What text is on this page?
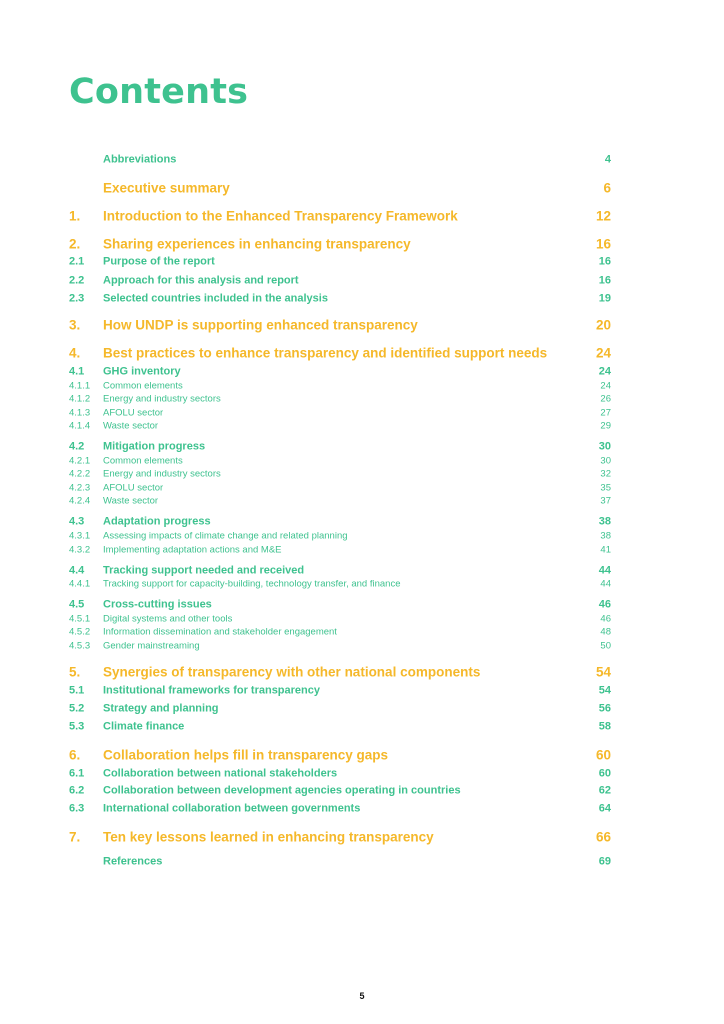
Contents
Abbreviations	4
Executive summary	6
1. Introduction to the Enhanced Transparency Framework	12
2. Sharing experiences in enhancing transparency	16
2.1 Purpose of the report	16
2.2 Approach for this analysis and report	16
2.3 Selected countries included in the analysis	19
3. How UNDP is supporting enhanced transparency	20
4. Best practices to enhance transparency and identified support needs	24
4.1 GHG inventory	24
4.1.1 Common elements	24
4.1.2 Energy and industry sectors	26
4.1.3 AFOLU sector	27
4.1.4 Waste sector	29
4.2 Mitigation progress	30
4.2.1 Common elements	30
4.2.2 Energy and industry sectors	32
4.2.3 AFOLU sector	35
4.2.4 Waste sector	37
4.3 Adaptation progress	38
4.3.1 Assessing impacts of climate change and related planning	38
4.3.2 Implementing adaptation actions and M&E	41
4.4 Tracking support needed and received	44
4.4.1 Tracking support for capacity-building, technology transfer, and finance	44
4.5 Cross-cutting issues	46
4.5.1 Digital systems and other tools	46
4.5.2 Information dissemination and stakeholder engagement	48
4.5.3 Gender mainstreaming	50
5. Synergies of transparency with other national components	54
5.1 Institutional frameworks for transparency	54
5.2 Strategy and planning	56
5.3 Climate finance	58
6. Collaboration helps fill in transparency gaps	60
6.1 Collaboration between national stakeholders	60
6.2 Collaboration between development agencies operating in countries	62
6.3 International collaboration between governments	64
7. Ten key lessons learned in enhancing transparency	66
References	69
5
